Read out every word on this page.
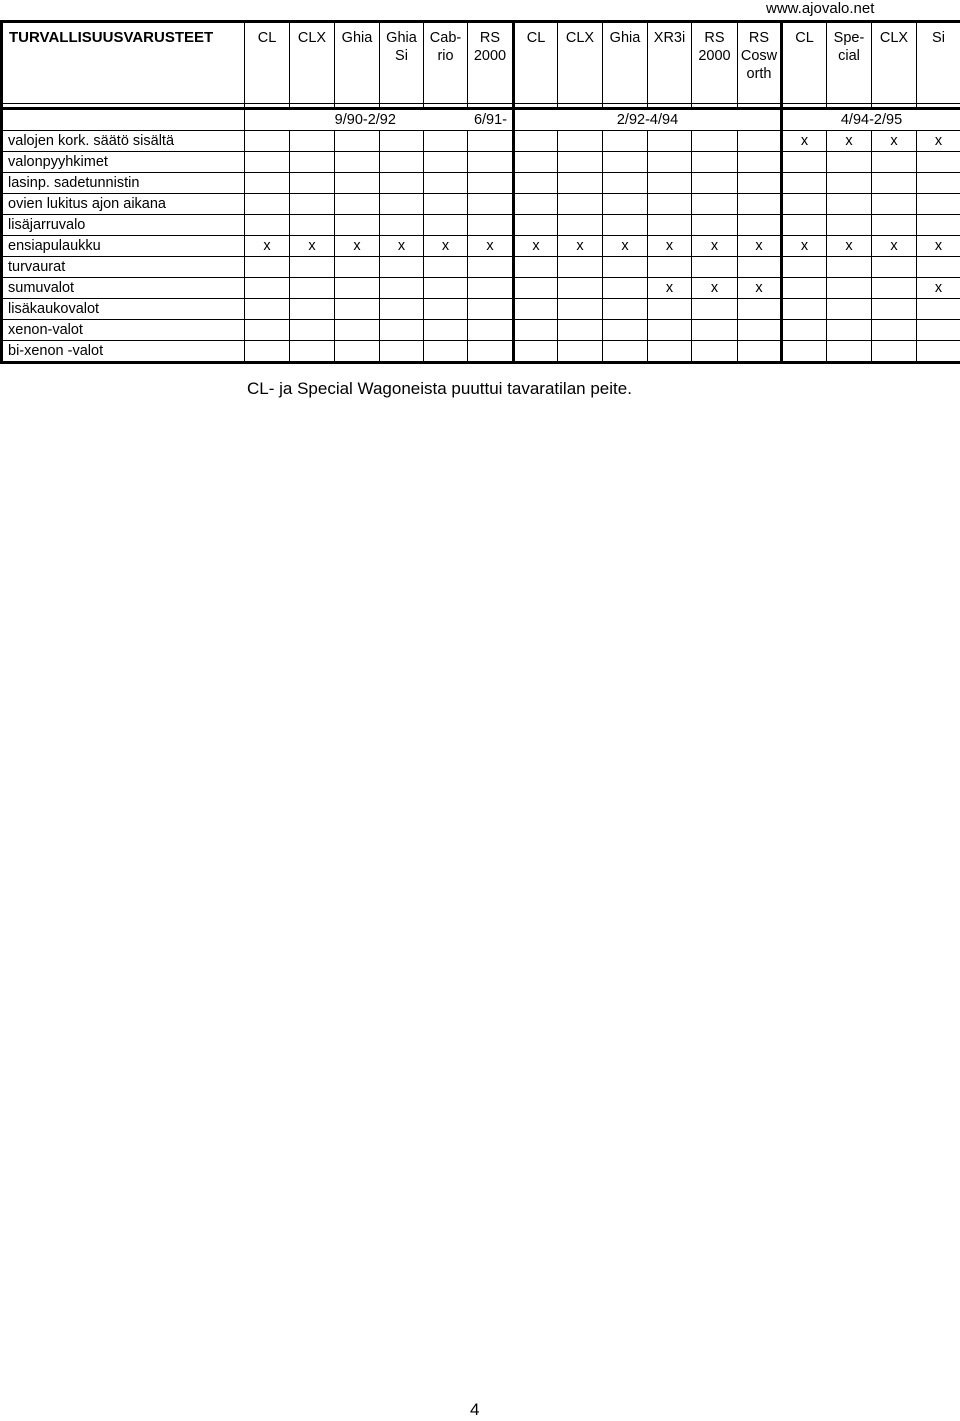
www.ajovalo.net
TURVALLISUUSVARUSTEET	CL	CLX	Ghia	Ghia Si	Cab-rio	RS 2000	CL	CLX	Ghia	XR3i	RS 2000	RS Cosw orth	CL	Spe-cial	CLX	Si

	9/90-2/92 6/91-						2/92-4/94						4/94-2/95			
valojen kork. säätö sisältä													x	x	x	x
valonpyyhkimet																
lasinp. sadetunnistin																
ovien lukitus ajon aikana																
lisäjarruvalo																
ensiapulaukku	x	x	x	x	x	x	x	x	x	x	x	x	x	x	x	x
turvaurat																
sumuvalot										x	x	x				x
lisäkaukovalot																
xenon-valot																
bi-xenon -valot																
CL- ja Special Wagoneista puuttui tavaratilan peite.
4
